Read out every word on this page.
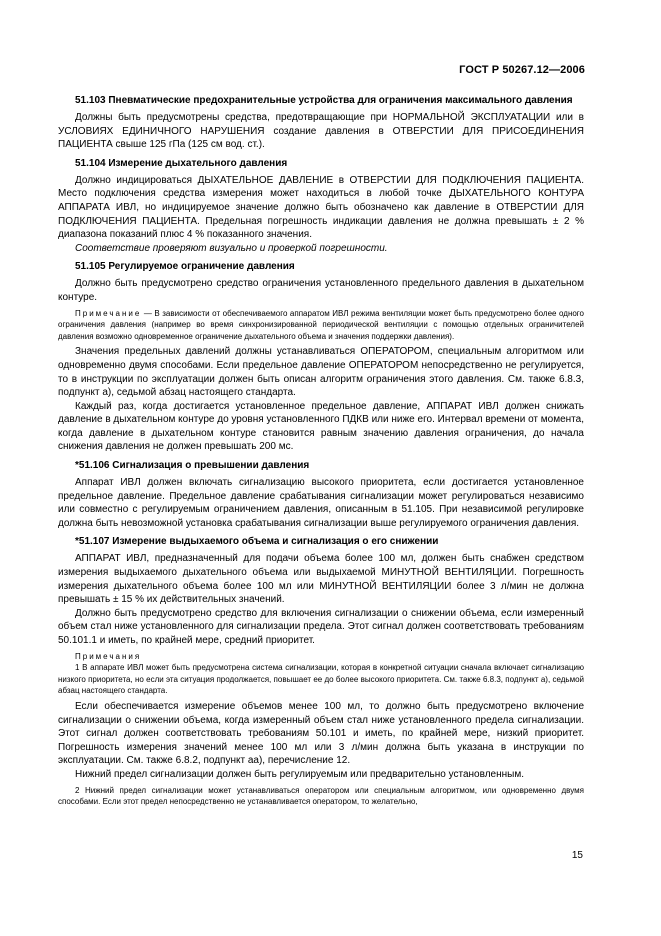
ГОСТ Р 50267.12—2006
51.103 Пневматические предохранительные устройства для ограничения максимального давления

Должны быть предусмотрены средства, предотвращающие при НОРМАЛЬНОЙ ЭКСПЛУАТАЦИИ или в УСЛОВИЯХ ЕДИНИЧНОГО НАРУШЕНИЯ создание давления в ОТВЕРСТИИ ДЛЯ ПРИСОЕДИНЕНИЯ ПАЦИЕНТА свыше 125 гПа (125 см вод. ст.).

51.104 Измерение дыхательного давления

Должно индицироваться ДЫХАТЕЛЬНОЕ ДАВЛЕНИЕ в ОТВЕРСТИИ ДЛЯ ПОДКЛЮЧЕНИЯ ПАЦИЕНТА. Место подключения средства измерения может находиться в любой точке ДЫХАТЕЛЬНОГО КОНТУРА АППАРАТА ИВЛ, но индицируемое значение должно быть обозначено как давление в ОТВЕРСТИИ ДЛЯ ПОДКЛЮЧЕНИЯ ПАЦИЕНТА. Предельная погрешность индикации давления не должна превышать ± 2 % диапазона показаний плюс 4 % показанного значения.

Соответствие проверяют визуально и проверкой погрешности.

51.105 Регулируемое ограничение давления

Должно быть предусмотрено средство ограничения установленного предельного давления в дыхательном контуре.

Примечание — В зависимости от обеспечиваемого аппаратом ИВЛ режима вентиляции может быть предусмотрено более одного ограничения давления (например во время синхронизированной периодической вентиляции с помощью отдельных ограничителей давления возможно одновременное ограничение дыхательного объема и значения поддержки давления).

Значения предельных давлений должны устанавливаться ОПЕРАТОРОМ, специальным алгоритмом или одновременно двумя способами. Если предельное давление ОПЕРАТОРОМ непосредственно не регулируется, то в инструкции по эксплуатации должен быть описан алгоритм ограничения этого давления. См. также 6.8.3, подпункт а), седьмой абзац настоящего стандарта.

Каждый раз, когда достигается установленное предельное давление, АППАРАТ ИВЛ должен снижать давление в дыхательном контуре до уровня установленного ПДКВ или ниже его. Интервал времени от момента, когда давление в дыхательном контуре становится равным значению давления ограничения, до начала снижения давления не должен превышать 200 мс.

*51.106 Сигнализация о превышении давления

Аппарат ИВЛ должен включать сигнализацию высокого приоритета, если достигается установленное предельное давление. Предельное давление срабатывания сигнализации может регулироваться независимо или совместно с регулируемым ограничением давления, описанным в 51.105. При независимой регулировке должна быть невозможной установка срабатывания сигнализации выше регулируемого ограничения давления.

*51.107 Измерение выдыхаемого объема и сигнализация о его снижении

АППАРАТ ИВЛ, предназначенный для подачи объема более 100 мл, должен быть снабжен средством измерения выдыхаемого дыхательного объема или выдыхаемой МИНУТНОЙ ВЕНТИЛЯЦИИ. Погрешность измерения дыхательного объема более 100 мл или МИНУТНОЙ ВЕНТИЛЯЦИИ более 3 л/мин не должна превышать ± 15 % их действительных значений.

Должно быть предусмотрено средство для включения сигнализации о снижении объема, если измеренный объем стал ниже установленного для сигнализации предела. Этот сигнал должен соответствовать требованиям 50.101.1 и иметь, по крайней мере, средний приоритет.

Примечания

1 В аппарате ИВЛ может быть предусмотрена система сигнализации, которая в конкретной ситуации сначала включает сигнализацию низкого приоритета, но если эта ситуация продолжается, повышает ее до более высокого приоритета. См. также 6.8.3, подпункт а), седьмой абзац настоящего стандарта.

Если обеспечивается измерение объемов менее 100 мл, то должно быть предусмотрено включение сигнализации о снижении объема, когда измеренный объем стал ниже установленного предела сигнализации. Этот сигнал должен соответствовать требованиям 50.101 и иметь, по крайней мере, низкий приоритет. Погрешность измерения значений менее 100 мл или 3 л/мин должна быть указана в инструкции по эксплуатации. См. также 6.8.2, подпункт аа), перечисление 12.

Нижний предел сигнализации должен быть регулируемым или предварительно установленным.

2 Нижний предел сигнализации может устанавливаться оператором или специальным алгоритмом, или одновременно двумя способами. Если этот предел непосредственно не устанавливается оператором, то желательно,

15
